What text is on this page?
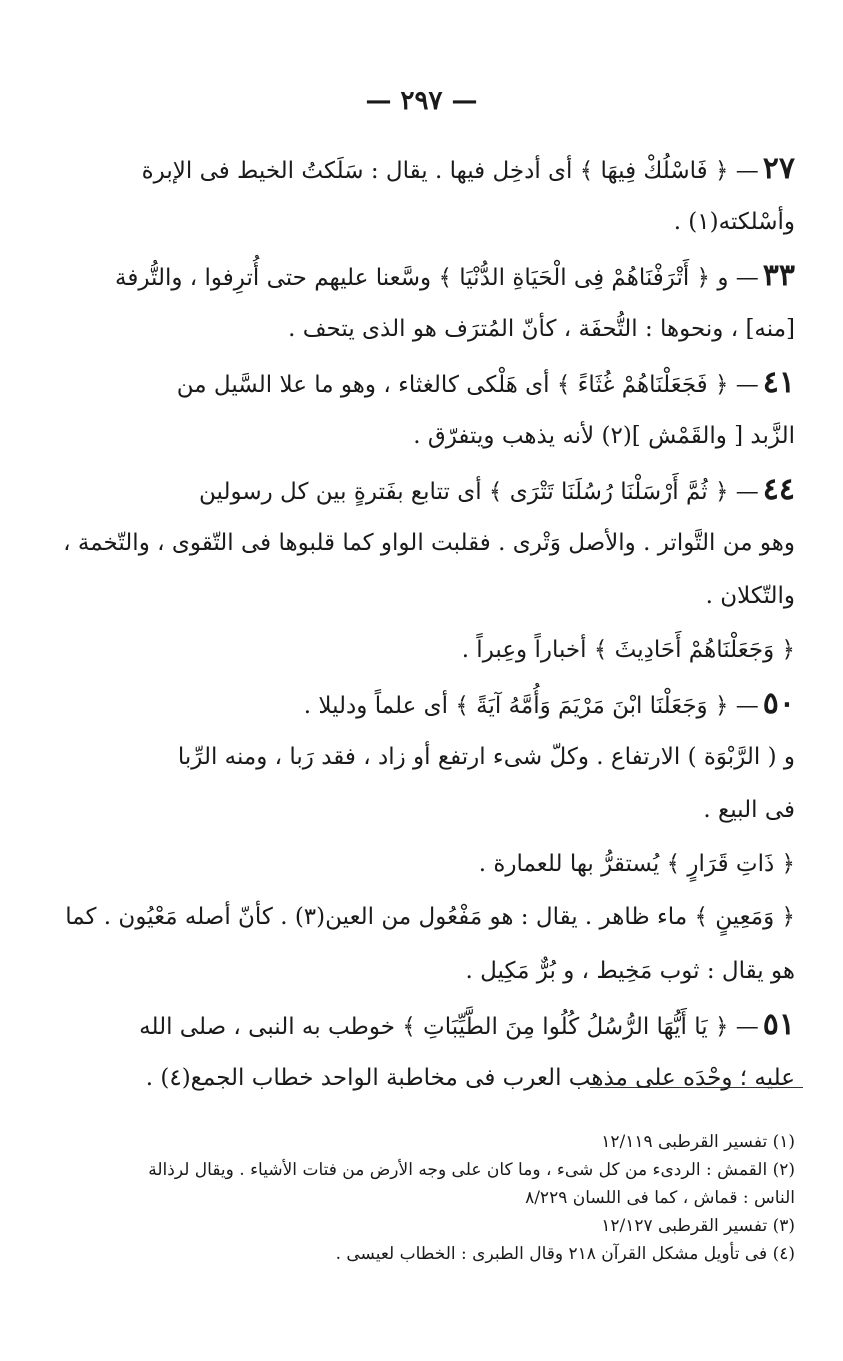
— ٢٩٧ —
٢٧— ﴿ فَاسْلُكْ فِيهَا ﴾ أى أدخِل فيها . يقال : سَلَكتُ الخيط فى الإبرة
وأسْلكته(١) .
٣٣— و ﴿ أَتْرَفْنَاهُمْ فِى الْحَيَاةِ الدُّنْيَا ﴾ وسَّعنا عليهم حتى أُترِفوا ، والتُّرفة
[منه] ، ونحوها : التُّحفَة ، كأنّ المُترَف هو الذى يتحف .
٤١— ﴿ فَجَعَلْنَاهُمْ غُثَاءً ﴾ أى هَلْكى كالغثاء ، وهو ما علا السَّيل من
الزَّبد [ والقَمْش ](٢) لأنه يذهب ويتفرّق .
٤٤— ﴿ ثُمَّ أَرْسَلْنَا رُسُلَنَا تَتْرَى ﴾ أى تتابع بفَترةٍ بين كل رسولين
وهو من التَّواتر . والأصل وَتْرى . فقلبت الواو كما قلبوها فى التّقوى ، والتّخمة ،
والتّكلان .
﴿ وَجَعَلْنَاهُمْ أَحَادِيثَ ﴾ أخباراً وعِبراً .
٥٠— ﴿ وَجَعَلْنَا ابْنَ مَرْيَمَ وَأُمَّهُ آيَةً ﴾ أى علماً ودليلا .
و ( الرَّبْوَة ) الارتفاع . وكلّ شىء ارتفع أو زاد ، فقد رَبا ، ومنه الرِّبا
فى البيع .
﴿ ذَاتِ قَرَارٍ ﴾ يُستقرُّ بها للعمارة .
﴿ وَمَعِينٍ ﴾ ماء ظاهر . يقال : هو مَفْعُول من العين(٣) . كأنّ أصله مَعْيُون . كما
هو يقال : ثوب مَخِيط ، و بُرٌّ مَكِيل .
٥١— ﴿ يَا أَيُّهَا الرُّسُلُ كُلُوا مِنَ الطَّيِّبَاتِ ﴾ خوطب به النبى ، صلى الله
عليه ؛ وحْدَه على مذهب العرب فى مخاطبة الواحد خطاب الجمع(٤) .
(١) تفسير القرطبى ١٢/١١٩
(٢) القمش : الردىء من كل شىء ، وما كان على وجه الأرض من فتات الأشياء . ويقال لرذالة
الناس : قماش ، كما فى اللسان ٨/٢٢٩
(٣) تفسير القرطبى ١٢/١٢٧
(٤) فى تأويل مشكل القرآن ٢١٨ وقال الطبرى : الخطاب لعيسى .
